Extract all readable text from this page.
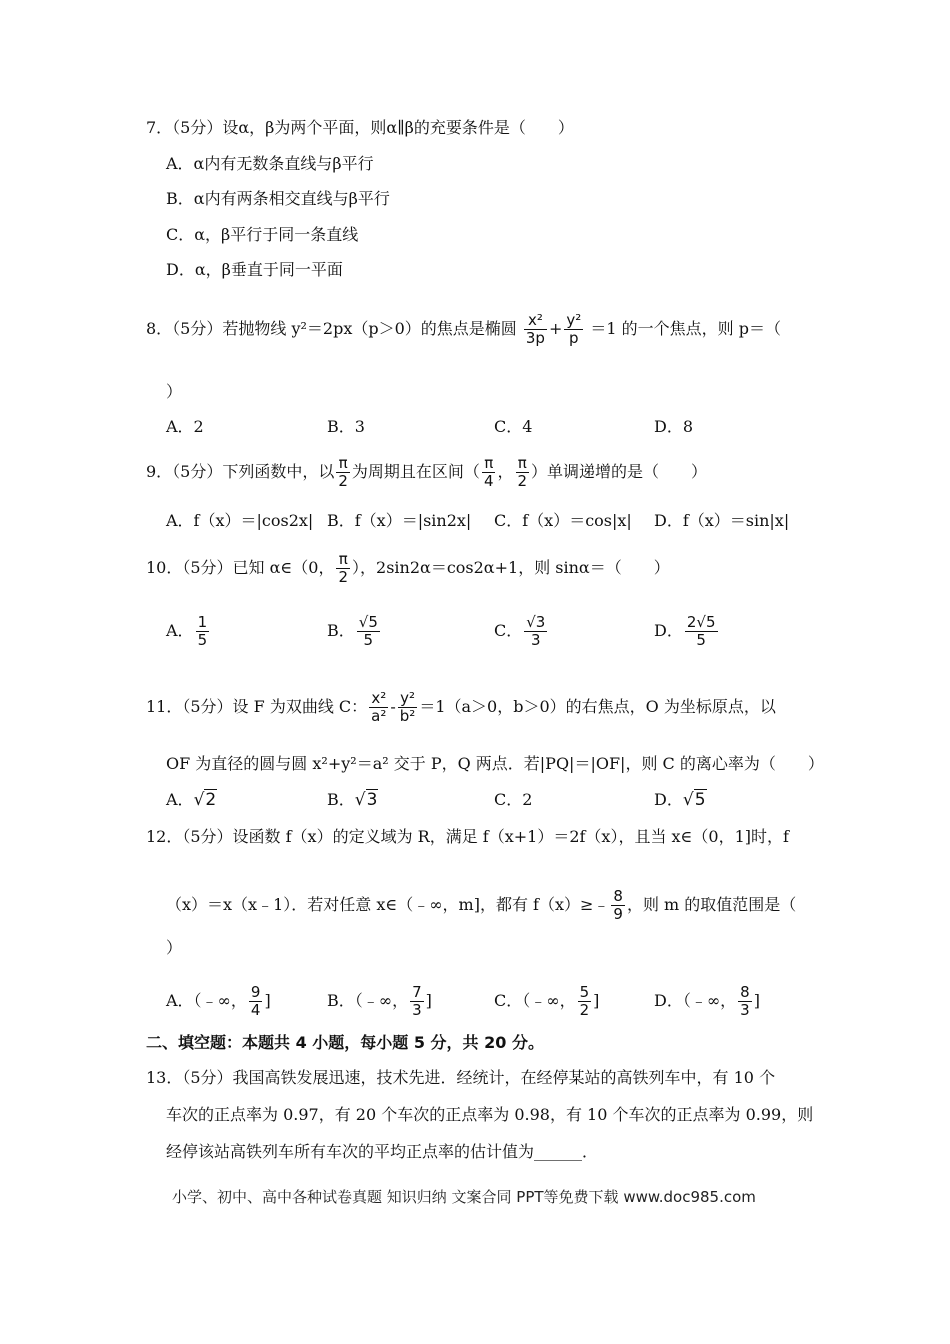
7．（5分）设α，β为两个平面，则α∥β的充要条件是（　　）
A．α内有无数条直线与β平行
B．α内有两条相交直线与β平行
C．α，β平行于同一条直线
D．α，β垂直于同一平面
8．（5分）若抛物线 y²＝2px（p＞0）的焦点是椭圆 $\frac{\text{x²}}{3p} + \frac{\text{y²}}{p} =1$ 的一个焦点，则 p＝（
）
A．2	B．3	C．4	D．8
9．（5分）下列函数中，以 $\frac{\pi}{2}$ 为周期且在区间（ $\frac{\pi}{4}$ ， $\frac{\pi}{2}$ ）单调递增的是（　　）
A．f（x）＝|cos2x| B．f（x）＝|sin2x| C．f（x）＝cos|x| D．f（x）＝sin|x|
10．（5分）已知 α∈（0， $\frac{\pi}{2}$ ），2sin2α＝cos2α+1，则 sinα＝（　　）
A． $\frac{1}{5}$	B． $\frac{√5}{5}$	C． $\frac{√3}{3}$	D． $\frac{2√5}{5}$
11．（5分）设 F 为双曲线 C： $\frac{\text{x²}}{\text{a²}} - \frac{\text{y²}}{\text{b²}} =1(a>0$，b＞0）的右焦点，O 为坐标原点，以
OF 为直径的圆与圆 x²+y²＝a² 交于 P，Q 两点．若|PQ|＝|OF|，则 C 的离心率为（　　）
A．√2	B．√3	C．2	D．√5
12．（5分）设函数 f（x）的定义域为 R，满足 f（x+1）＝2f（x），且当 x∈（0，1]时，f
（x）＝x（x﹣1）．若对任意 x∈（﹣∞，m]，都有 f（x）≥﹣ $\frac{8}{9}$ ，则 m 的取值范围是（
）
A．（﹣∞， $\frac{9}{4}$ ]	B．（﹣∞， $\frac{7}{3}$ ]	C．（﹣∞， $\frac{5}{2}$ ]	D．（﹣∞， $\frac{8}{3}$ ]
二、填空题：本题共 4 小题，每小题 5 分，共 20 分。
13．（5分）我国高铁发展迅速，技术先进．经统计，在经停某站的高铁列车中，有 10 个
车次的正点率为 0.97，有 20 个车次的正点率为 0.98，有 10 个车次的正点率为 0.99，则
经停该站高铁列车所有车次的平均正点率的估计值为______．
小学、初中、高中各种试卷真题 知识归纳 文案合同 PPT等免费下载 www.doc985.com
